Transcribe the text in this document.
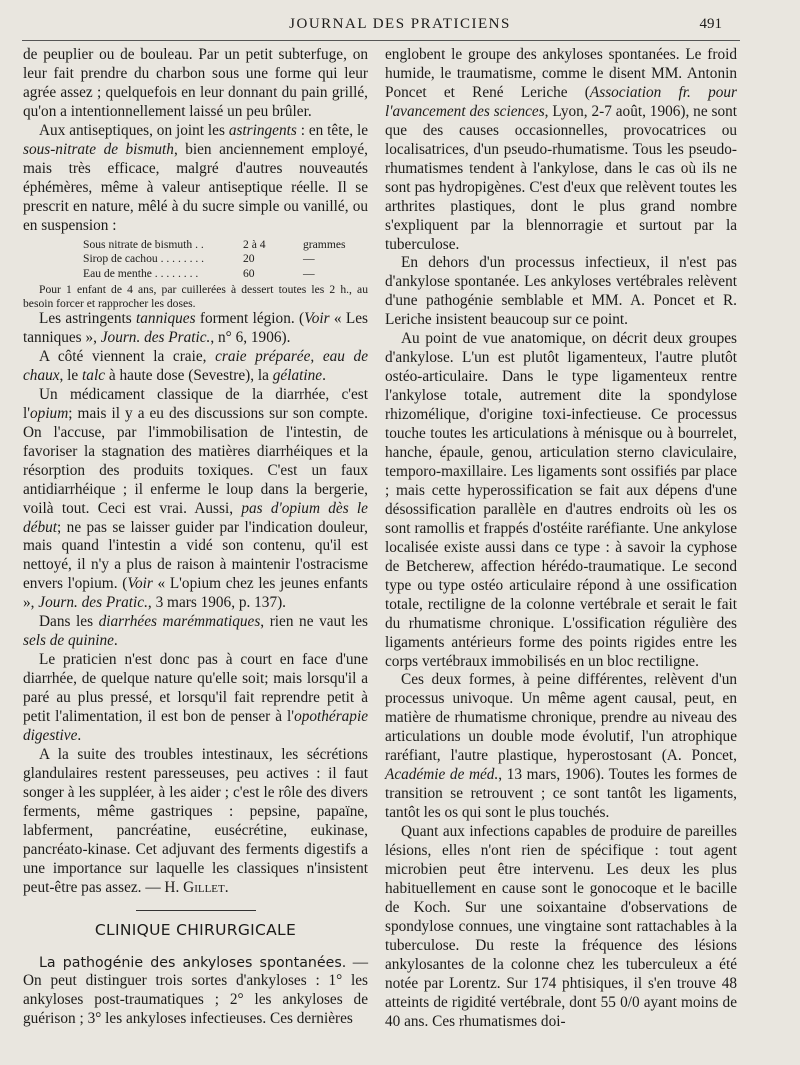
JOURNAL DES PRATICIENS	491

de peuplier ou de bouleau. Par un petit subterfuge, on leur fait prendre du charbon sous une forme qui leur agrée assez ; quelquefois en leur donnant du pain grillé, qu'on a intentionnellement laissé un peu brûler.

Aux antiseptiques, on joint les astringents : en tête, le sous-nitrate de bismuth, bien anciennement employé, mais très efficace, malgré d'autres nouveautés éphémères, même à valeur antiseptique réelle. Il se prescrit en nature, mêlé à du sucre simple ou vanillé, ou en suspension :

Sous nitrate de bismuth . .	2 à 4	grammes
Sirop de cachou . . . . . . . .	20	—
Eau de menthe . . . . . . . .	60	—

Pour 1 enfant de 4 ans, par cuillerées à dessert toutes les 2 h., au besoin forcer et rapprocher les doses.

Les astringents tanniques forment légion. (Voir « Les tanniques », Journ. des Pratic., n° 6, 1906).

A côté viennent la craie, craie préparée, eau de chaux, le talc à haute dose (Sevestre), la gélatine.

Un médicament classique de la diarrhée, c'est l'opium; mais il y a eu des discussions sur son compte. On l'accuse, par l'immobilisation de l'intestin, de favoriser la stagnation des matières diarrhéiques et la résorption des produits toxiques. C'est un faux antidiarrhéique ; il enferme le loup dans la bergerie, voilà tout. Ceci est vrai. Aussi, pas d'opium dès le début; ne pas se laisser guider par l'indication douleur, mais quand l'intestin a vidé son contenu, qu'il est nettoyé, il n'y a plus de raison à maintenir l'ostracisme envers l'opium. (Voir « L'opium chez les jeunes enfants », Journ. des Pratic., 3 mars 1906, p. 137).

Dans les diarrhées marémmatiques, rien ne vaut les sels de quinine.

Le praticien n'est donc pas à court en face d'une diarrhée, de quelque nature qu'elle soit; mais lorsqu'il a paré au plus pressé, et lorsqu'il fait reprendre petit à petit l'alimentation, il est bon de penser à l'opothérapie digestive.

A la suite des troubles intestinaux, les sécrétions glandulaires restent paresseuses, peu actives : il faut songer à les suppléer, à les aider ; c'est le rôle des divers ferments, même gastriques : pepsine, papaïne, labferment, pancréatine, eusécrétine, eukinase, pancréato-kinase. Cet adjuvant des ferments digestifs a une importance sur laquelle les classiques n'insistent peut-être pas assez. — H. Gillet.

CLINIQUE CHIRURGICALE

La pathogénie des ankyloses spontanées. — On peut distinguer trois sortes d'ankyloses : 1° les ankyloses post-traumatiques ; 2° les ankyloses de guérison ; 3° les ankyloses infectieuses. Ces dernières

englobent le groupe des ankyloses spontanées. Le froid humide, le traumatisme, comme le disent MM. Antonin Poncet et René Leriche (Association fr. pour l'avancement des sciences, Lyon, 2-7 août, 1906), ne sont que des causes occasionnelles, provocatrices ou localisatrices, d'un pseudo-rhumatisme. Tous les pseudo-rhumatismes tendent à l'ankylose, dans le cas où ils ne sont pas hydropigènes. C'est d'eux que relèvent toutes les arthrites plastiques, dont le plus grand nombre s'expliquent par la blennorragie et surtout par la tuberculose.

En dehors d'un processus infectieux, il n'est pas d'ankylose spontanée. Les ankyloses vertébrales relèvent d'une pathogénie semblable et MM. A. Poncet et R. Leriche insistent beaucoup sur ce point.

Au point de vue anatomique, on décrit deux groupes d'ankylose. L'un est plutôt ligamenteux, l'autre plutôt ostéo-articulaire. Dans le type ligamenteux rentre l'ankylose totale, autrement dite la spondylose rhizomélique, d'origine toxi-infectieuse. Ce processus touche toutes les articulations à ménisque ou à bourrelet, hanche, épaule, genou, articulation sterno claviculaire, temporo-maxillaire. Les ligaments sont ossifiés par place ; mais cette hyperossification se fait aux dépens d'une désossification parallèle en d'autres endroits où les os sont ramollis et frappés d'ostéite raréfiante. Une ankylose localisée existe aussi dans ce type : à savoir la cyphose de Betcherew, affection hérédo-traumatique. Le second type ou type ostéo articulaire répond à une ossification totale, rectiligne de la colonne vertébrale et serait le fait du rhumatisme chronique. L'ossification régulière des ligaments antérieurs forme des points rigides entre les corps vertébraux immobilisés en un bloc rectiligne.

Ces deux formes, à peine différentes, relèvent d'un processus univoque. Un même agent causal, peut, en matière de rhumatisme chronique, prendre au niveau des articulations un double mode évolutif, l'un atrophique raréfiant, l'autre plastique, hyperostosant (A. Poncet, Académie de méd., 13 mars, 1906). Toutes les formes de transition se retrouvent ; ce sont tantôt les ligaments, tantôt les os qui sont le plus touchés.

Quant aux infections capables de produire de pareilles lésions, elles n'ont rien de spécifique : tout agent microbien peut être intervenu. Les deux les plus habituellement en cause sont le gonocoque et le bacille de Koch. Sur une soixantaine d'observations de spondylose connues, une vingtaine sont rattachables à la tuberculose. Du reste la fréquence des lésions ankylosantes de la colonne chez les tuberculeux a été notée par Lorentz. Sur 174 phtisiques, il s'en trouve 48 atteints de rigidité vertébrale, dont 55 0/0 ayant moins de 40 ans. Ces rhumatismes doi-
